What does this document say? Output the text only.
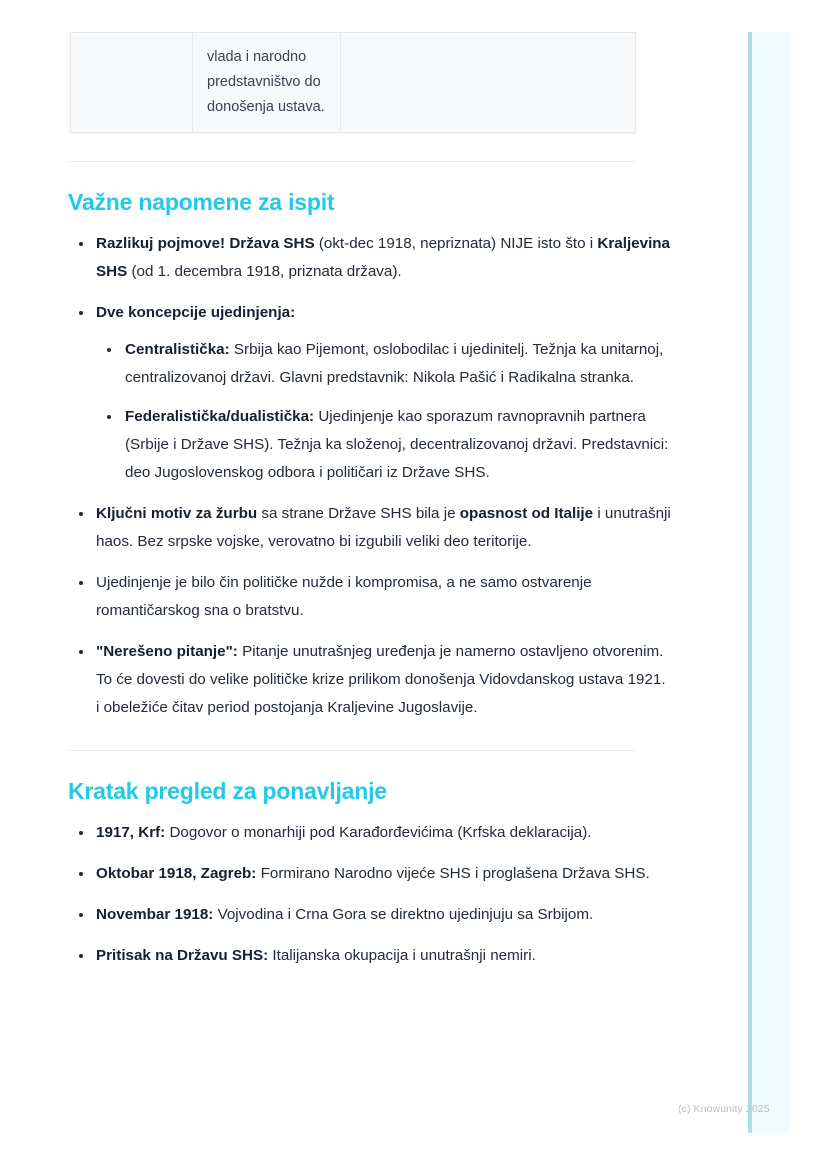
	vlada i narodno predstavništvo do donošenja ustava.	
Važne napomene za ispit
Razlikuj pojmove! Država SHS (okt-dec 1918, nepriznata) NIJE isto što i Kraljevina SHS (od 1. decembra 1918, priznata država).
Dve koncepcije ujedinjenja:
Centralistička: Srbija kao Pijemont, oslobodilac i ujedinitelj. Težnja ka unitarnoj, centralizovanoj državi. Glavni predstavnik: Nikola Pašić i Radikalna stranka.
Federalistička/dualistička: Ujedinjenje kao sporazum ravnopravnih partnera (Srbije i Države SHS). Težnja ka složenoj, decentralizovanoj državi. Predstavnici: deo Jugoslovenskog odbora i političari iz Države SHS.
Ključni motiv za žurbu sa strane Države SHS bila je opasnost od Italije i unutrašnji haos. Bez srpske vojske, verovatno bi izgubili veliki deo teritorije.
Ujedinjenje je bilo čin političke nužde i kompromisa, a ne samo ostvarenje romantičarskog sna o bratstvu.
"Nerešeno pitanje": Pitanje unutrašnjeg uređenja je namerno ostavljeno otvorenim. To će dovesti do velike političke krize prilikom donošenja Vidovdanskog ustava 1921. i obeležiće čitav period postojanja Kraljevine Jugoslavije.
Kratak pregled za ponavljanje
1917, Krf: Dogovor o monarhiji pod Karađorđevićima (Krfska deklaracija).
Oktobar 1918, Zagreb: Formirano Narodno vijeće SHS i proglašena Država SHS.
Novembar 1918: Vojvodina i Crna Gora se direktno ujedinjuju sa Srbijom.
Pritisak na Državu SHS: Italijanska okupacija i unutrašnji nemiri.
(c) Knowunity 2025
